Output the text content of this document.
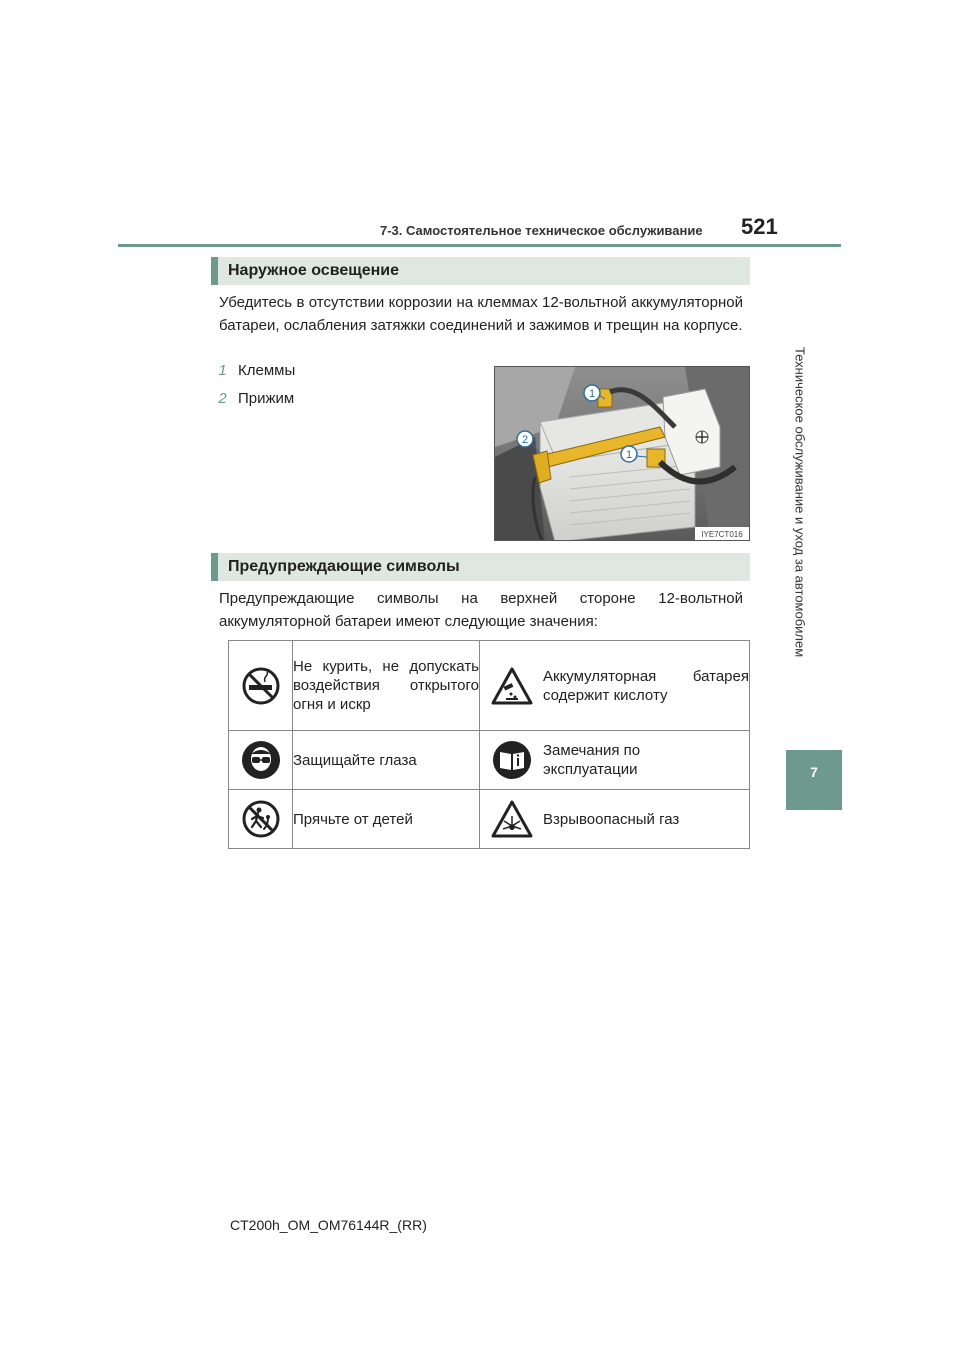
7-3. Самостоятельное техническое обслуживание 521
Техническое обслуживание и уход за автомобилем
7
Наружное освещение
Убедитесь в отсутствии коррозии на клеммах 12-вольтной аккумуляторной батареи, ослабления затяжки соединений и зажимов и трещин на корпусе.
1 Клеммы
2 Прижим	1
2
1
IYE7CT016
Предупреждающие символы
Предупреждающие символы на верхней стороне 12-вольтной аккумуляторной батареи имеют следующие значения:

Не курить, не допускать воздействия открытого огня и искр		Аккумуляторная батарея содержит кислоту

Защищайте глаза		Замечания по эксплуатации

Прячьте от детей		Взрывоопасный газ
CT200h_OM_OM76144R_(RR)
